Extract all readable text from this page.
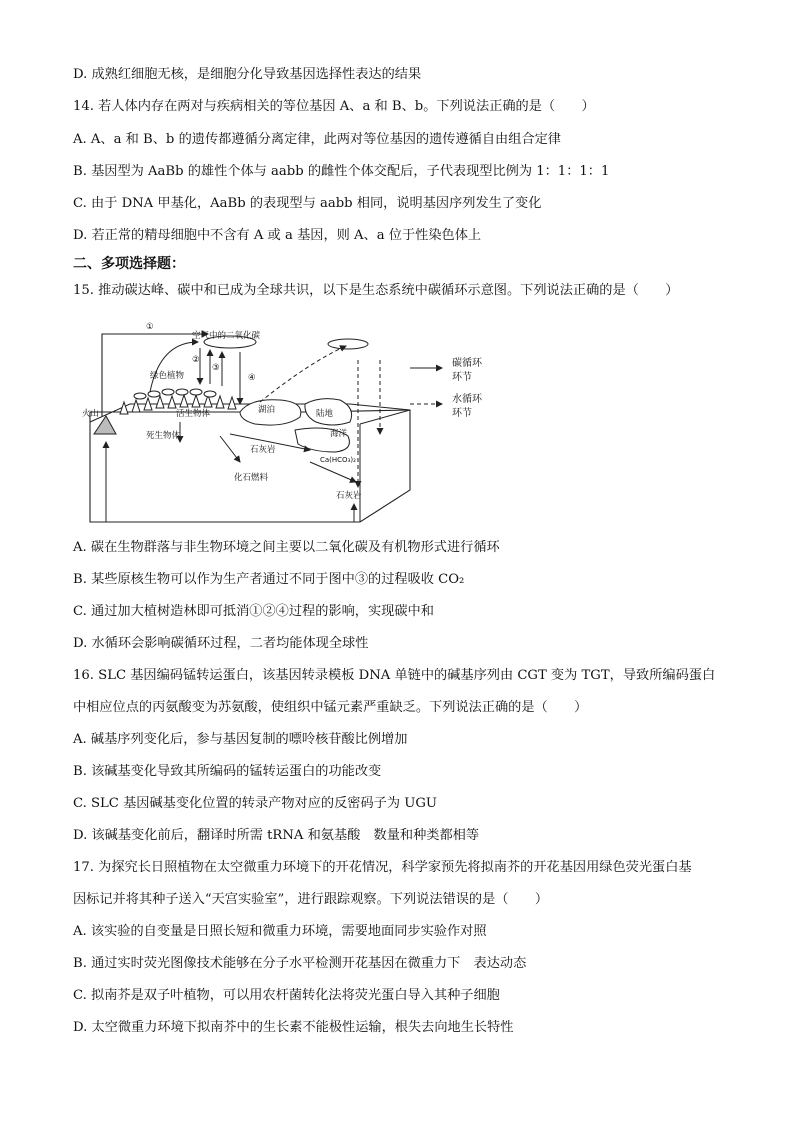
D. 成熟红细胞无核，是细胞分化导致基因选择性表达的结果
14. 若人体内存在两对与疾病相关的等位基因 A、a 和 B、b。下列说法正确的是（　　）
A. A、a 和 B、b 的遗传都遵循分离定律，此两对等位基因的遗传遵循自由组合定律
B. 基因型为 AaBb 的雄性个体与 aabb 的雌性个体交配后，子代表现型比例为 1：1：1：1
C. 由于 DNA 甲基化，AaBb 的表现型与 aabb 相同，说明基因序列发生了变化
D. 若正常的精母细胞中不含有 A 或 a 基因，则 A、a 位于性染色体上
二、多项选择题：
15. 推动碳达峰、碳中和已成为全球共识，以下是生态系统中碳循环示意图。下列说法正确的是（　　）
①
空气中的二氧化碳
②
③
④
绿色植物
活生物体	湖泊	陆地
死生物体	海洋
石灰岩
Ca(HCO₃)₂
化石燃料
石灰岩
火山
碳循环
环节
水循环
环节
A. 碳在生物群落与非生物环境之间主要以二氧化碳及有机物形式进行循环
B. 某些原核生物可以作为生产者通过不同于图中③的过程吸收 CO₂
C. 通过加大植树造林即可抵消①②④过程的影响，实现碳中和
D. 水循环会影响碳循环过程，二者均能体现全球性
16. SLC 基因编码锰转运蛋白，该基因转录模板 DNA 单链中的碱基序列由 CGT 变为 TGT，导致所编码蛋白
中相应位点的丙氨酸变为苏氨酸，使组织中锰元素严重缺乏。下列说法正确的是（　　）
A. 碱基序列变化后，参与基因复制的嘌呤核苷酸比例增加
B. 该碱基变化导致其所编码的锰转运蛋白的功能改变
C. SLC 基因碱基变化位置的转录产物对应的反密码子为 UGU
D. 该碱基变化前后，翻译时所需 tRNA 和氨基酸　数量和种类都相等
17. 为探究长日照植物在太空微重力环境下的开花情况，科学家预先将拟南芥的开花基因用绿色荧光蛋白基
因标记并将其种子送入“天宫实验室”，进行跟踪观察。下列说法错误的是（　　）
A. 该实验的自变量是日照长短和微重力环境，需要地面同步实验作对照
B. 通过实时荧光图像技术能够在分子水平检测开花基因在微重力下　表达动态
C. 拟南芥是双子叶植物，可以用农杆菌转化法将荧光蛋白导入其种子细胞
D. 太空微重力环境下拟南芥中的生长素不能极性运输，根失去向地生长特性
